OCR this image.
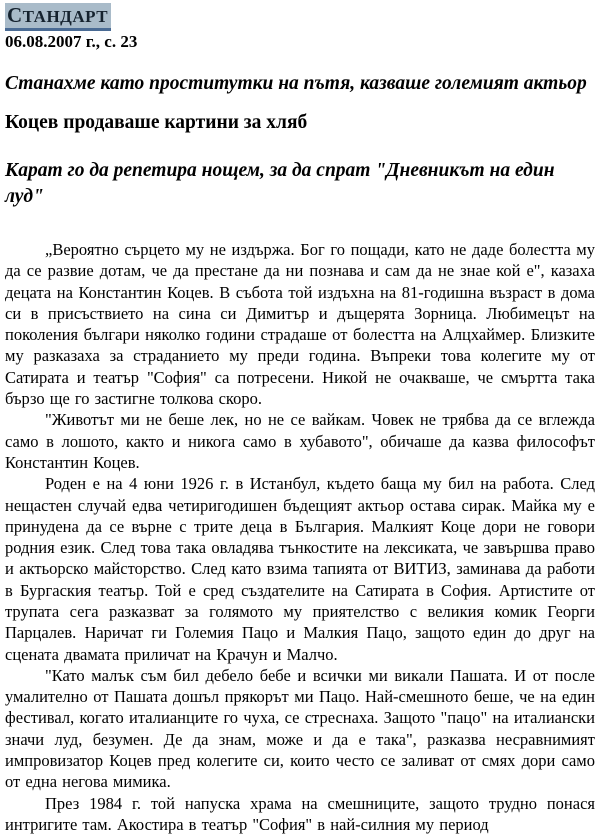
СТАНДАРТ
06.08.2007 г., с. 23
Станахме като проститутки на пътя, казваше големият актьор
Коцев продаваше картини за хляб
Карат го да репетира нощем, за да спрат "Дневникът на един луд"

„Вероятно сърцето му не издържа. Бог го пощади, като не даде болестта му да се развие дотам, че да престане да ни познава и сам да не знае кой е", казаха децата на Константин Коцев. В събота той издъхна на 81-годишна възраст в дома си в присъствието на сина си Димитър и дъщерята Зорница. Любимецът на поколения българи няколко години страдаше от болестта на Алцхаймер. Близките му разказаха за страданието му преди година. Въпреки това колегите му от Сатирата и театър "София" са потресени. Никой не очакваше, че смъртта така бързо ще го застигне толкова скоро.

"Животът ми не беше лек, но не се вайкам. Човек не трябва да се вглежда само в лошото, както и никога само в хубавото", обичаше да казва философът Константин Коцев.

Роден е на 4 юни 1926 г. в Истанбул, където баща му бил на работа. След нещастен случай едва четиригодишен бъдещият актьор остава сирак. Майка му е принудена да се върне с трите деца в България. Малкият Коце дори не говори родния език. След това така овладява тънкостите на лексиката, че завършва право и актьорско майсторство. След като взима тапията от ВИТИЗ, заминава да работи в Бургаския театър. Той е сред създателите на Сатирата в София. Артистите от трупата сега разказват за голямото му приятелство с великия комик Георги Парцалев. Наричат ги Големия Пацо и Малкия Пацо, защото един до друг на сцената двамата приличат на Крачун и Малчо.

"Като малък съм бил дебело бебе и всички ми викали Пашата. И от после умалително от Пашата дошъл прякорът ми Пацо. Най-смешното беше, че на един фестивал, когато италианците го чуха, се стреснаха. Защото "пацо" на италиански значи луд, безумен. Де да знам, може и да е така", разказва несравнимият импровизатор Коцев пред колегите си, които често се заливат от смях дори само от една негова мимика.

През 1984 г. той напуска храма на смешниците, защото трудно понася интригите там. Акостира в театър "София" в най-силния му период
